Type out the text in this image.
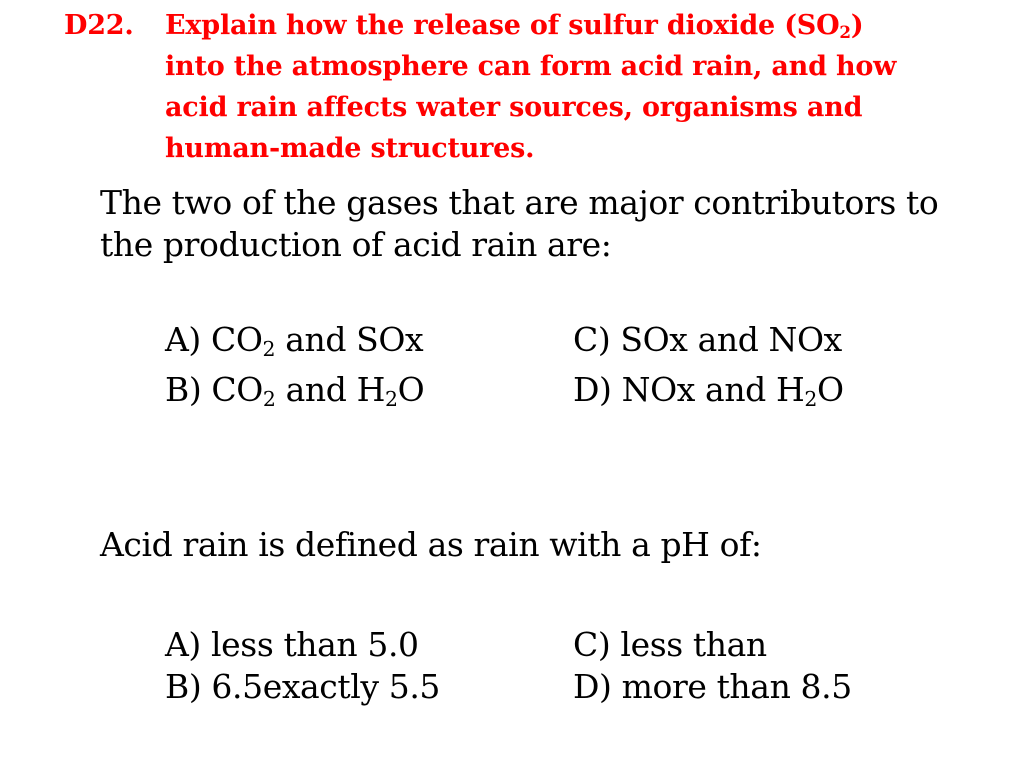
D22. Explain how the release of sulfur dioxide $(SO_2)$
into the atmosphere can form acid rain, and how
acid rain affects water sources, organisms and
human-made structures.
The two of the gases that are major contributors to
the production of acid rain are:
A) $CO_2$ and SOx
B) $CO_2$ and $H_2O$
C) SOx and NOx
D) NOx and $H_2O$
Acid rain is defined as rain with a pH of:
A) less than 5.0
B) 6.5exactly 5.5
C) less than
D) more than 8.5
